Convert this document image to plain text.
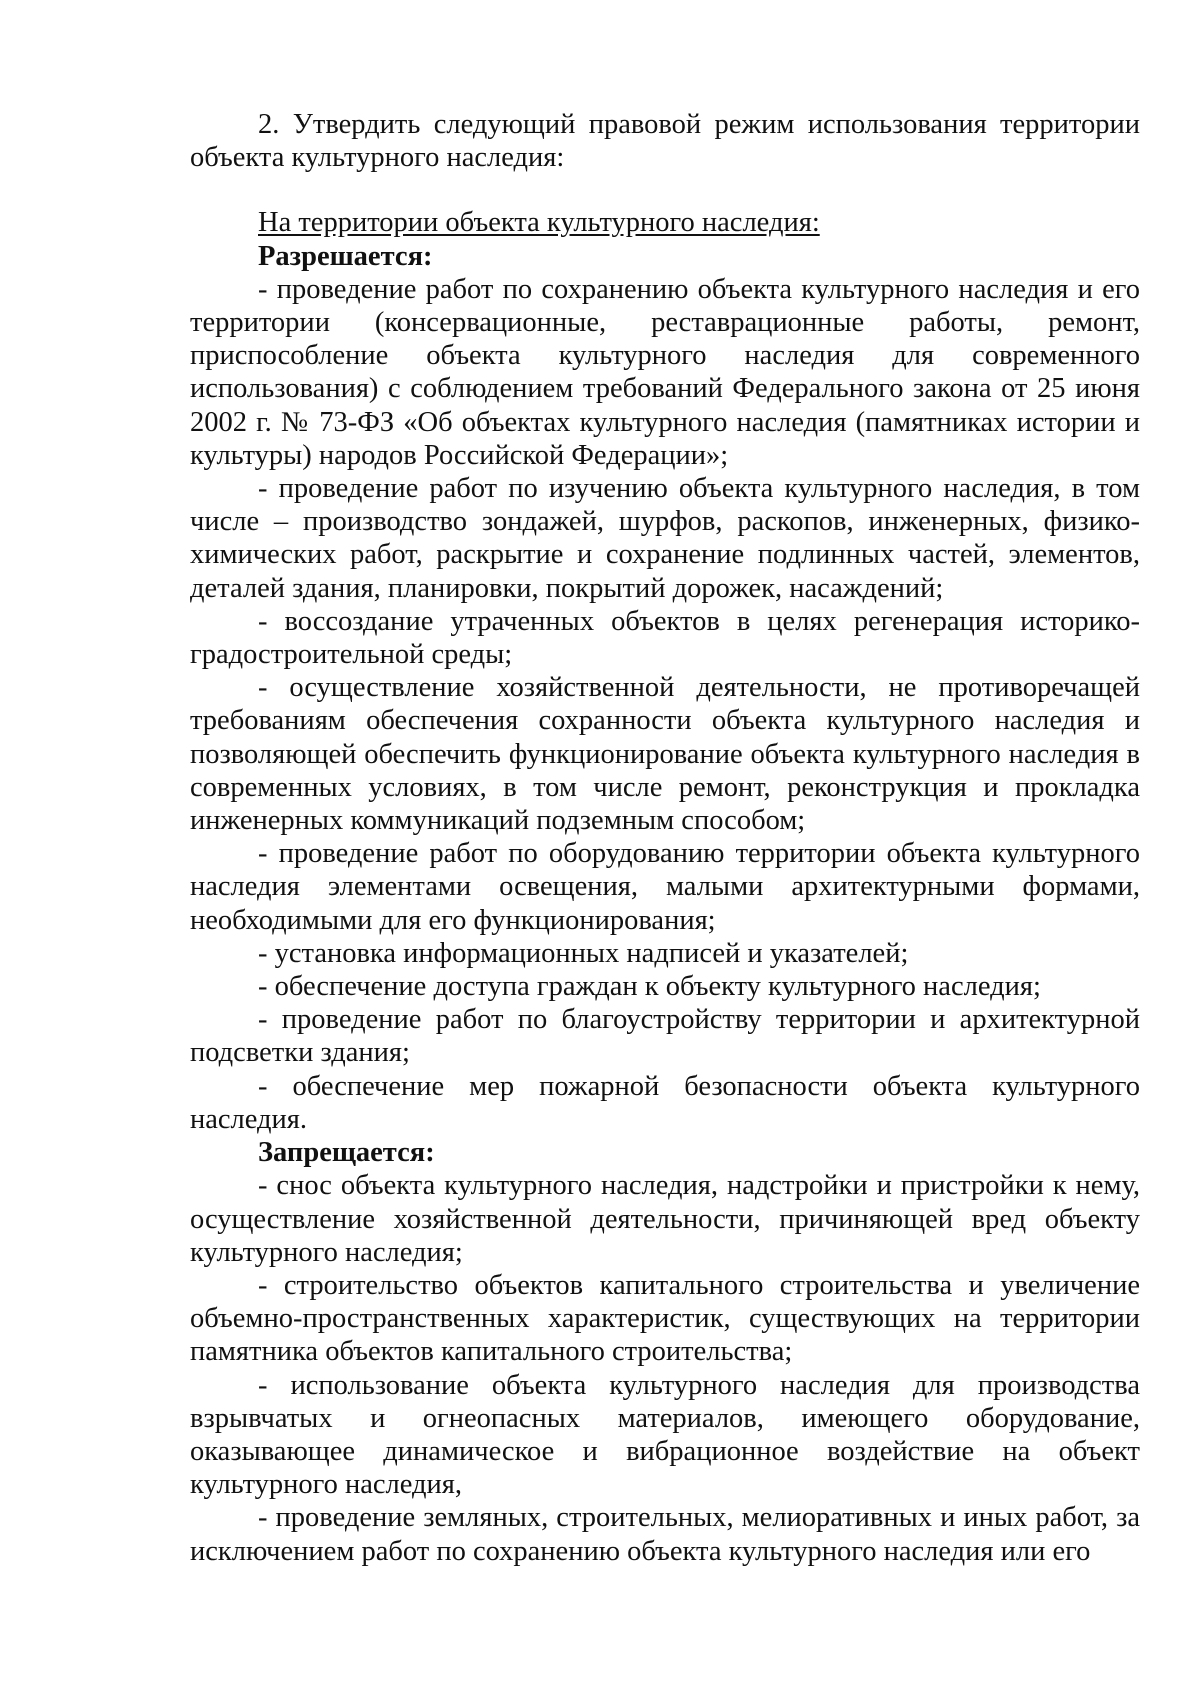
2. Утвердить следующий правовой режим использования территории объекта культурного наследия:

На территории объекта культурного наследия:

Разрешается:

- проведение работ по сохранению объекта культурного наследия и его территории (консервационные, реставрационные работы, ремонт, приспособление объекта культурного наследия для современного использования) с соблюдением требований Федерального закона от 25 июня 2002 г. № 73-ФЗ «Об объектах культурного наследия (памятниках истории и культуры) народов Российской Федерации»;

- проведение работ по изучению объекта культурного наследия, в том числе – производство зондажей, шурфов, раскопов, инженерных, физико-химических работ, раскрытие и сохранение подлинных частей, элементов, деталей здания, планировки, покрытий дорожек, насаждений;

- воссоздание утраченных объектов в целях регенерация историко-градостроительной среды;

- осуществление хозяйственной деятельности, не противоречащей требованиям обеспечения сохранности объекта культурного наследия и позволяющей обеспечить функционирование объекта культурного наследия в современных условиях, в том числе ремонт, реконструкция и прокладка инженерных коммуникаций подземным способом;

- проведение работ по оборудованию территории объекта культурного наследия элементами освещения, малыми архитектурными формами, необходимыми для его функционирования;

- установка информационных надписей и указателей;

- обеспечение доступа граждан к объекту культурного наследия;

- проведение работ по благоустройству территории и архитектурной подсветки здания;

- обеспечение мер пожарной безопасности объекта культурного наследия.

Запрещается:

- снос объекта культурного наследия, надстройки и пристройки к нему, осуществление хозяйственной деятельности, причиняющей вред объекту культурного наследия;

- строительство объектов капитального строительства и увеличение объемно-пространственных характеристик, существующих на территории памятника объектов капитального строительства;

- использование объекта культурного наследия для производства взрывчатых и огнеопасных материалов, имеющего оборудование, оказывающее динамическое и вибрационное воздействие на объект культурного наследия,

- проведение земляных, строительных, мелиоративных и иных работ, за исключением работ по сохранению объекта культурного наследия или его
